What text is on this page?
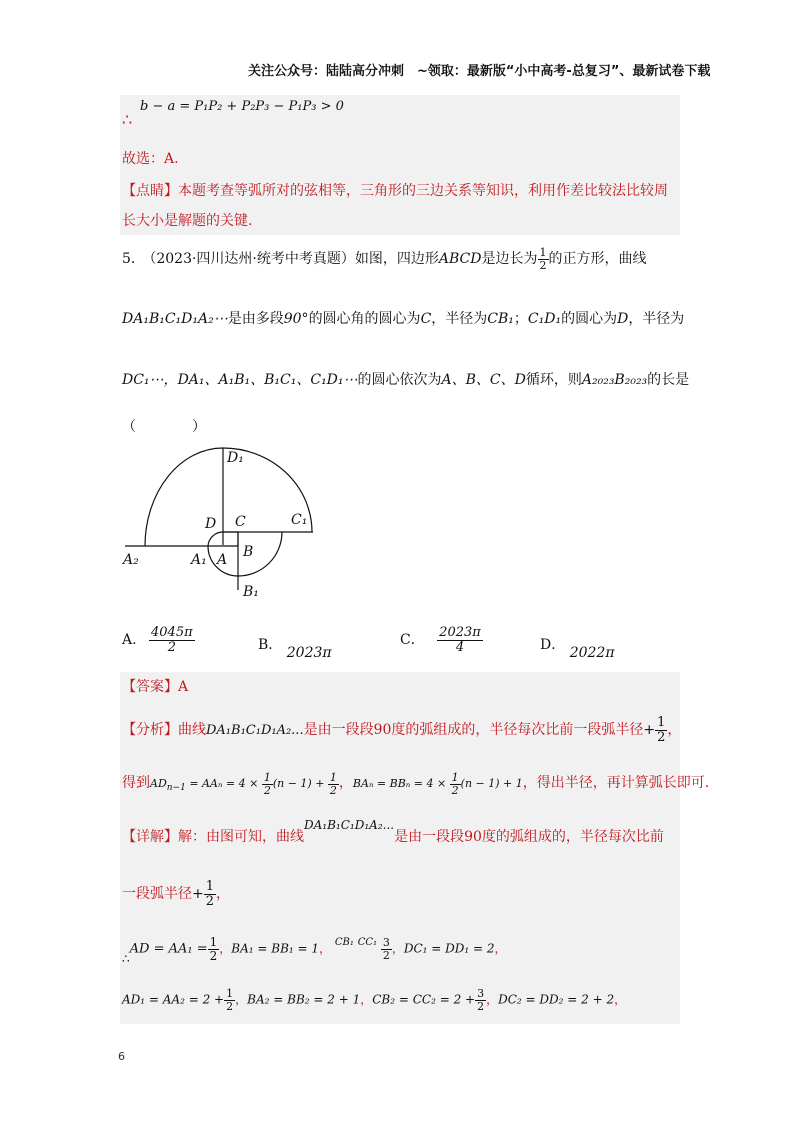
关注公众号：陆陆高分冲刺　~领取：最新版“小中高考-总复习”、最新试卷下载
b − a = P₁P₂ + P₂P₃ − P₁P₃ > 0
∴
故选：A.
【点睛】本题考查等弧所对的弦相等，三角形的三边关系等知识，利用作差比较法比较周
长大小是解题的关键.
5.　（2023·四川达州·统考中考真题）如图，四边形ABCD是边长为 $\frac{1}{2}$ 的正方形，曲线
DA₁B₁C₁D₁A₂⋯是由多段90°的圆心角的圆心为C，半径为CB₁；C₁D₁的圆心为D，半径为
DC₁⋯，DA₁、A₁B₁、B₁C₁、C₁D₁⋯的圆心依次为A、B、C、D循环，则A₂₀₂₃B₂₀₂₃的长是
（　　　　）
D₁
D C	C₁
A₂	A₁ A B
B₁
A. $\frac{4045\pi}{2}$	B． 2023π
C． $\frac{2023\pi}{4}$	D． 2022π
【答案】A
【分析】曲线DA₁B₁C₁D₁A₂...是由一段段90度的弧组成的，半径每次比前一段弧半径+ $\frac{1}{2}$ ，
得到$AD_{n-1} = AA_n = 4 \times \frac{1}{2} (n - 1) + \frac{1}{2}$ ，$BA_n = BB_n = 4 \times \frac{1}{2} (n - 1) + 1$，得出半径，再计算弧长即可.
【详解】解：由图可知，曲线DA₁B₁C₁D₁A₂...是由一段段90度的弧组成的，半径每次比前
一段弧半径+ $\frac{1}{2}$ ，
∴AD = $AA_1 = \frac{1}{2}$ ，BA₁ = BB₁ = 1， $^{CB_1}$ $^{CC_1} \frac{3}{2}$ ，DC₁ = DD₁ = 2，
$AD_1 = AA_2 = 2 + \frac{1}{2}$ ，BA₂ = BB₂ = 2 + 1，$CB_2 = CC_2 = 2 + \frac{3}{2}$ ，DC₂ = DD₂ = 2 + 2，
6
